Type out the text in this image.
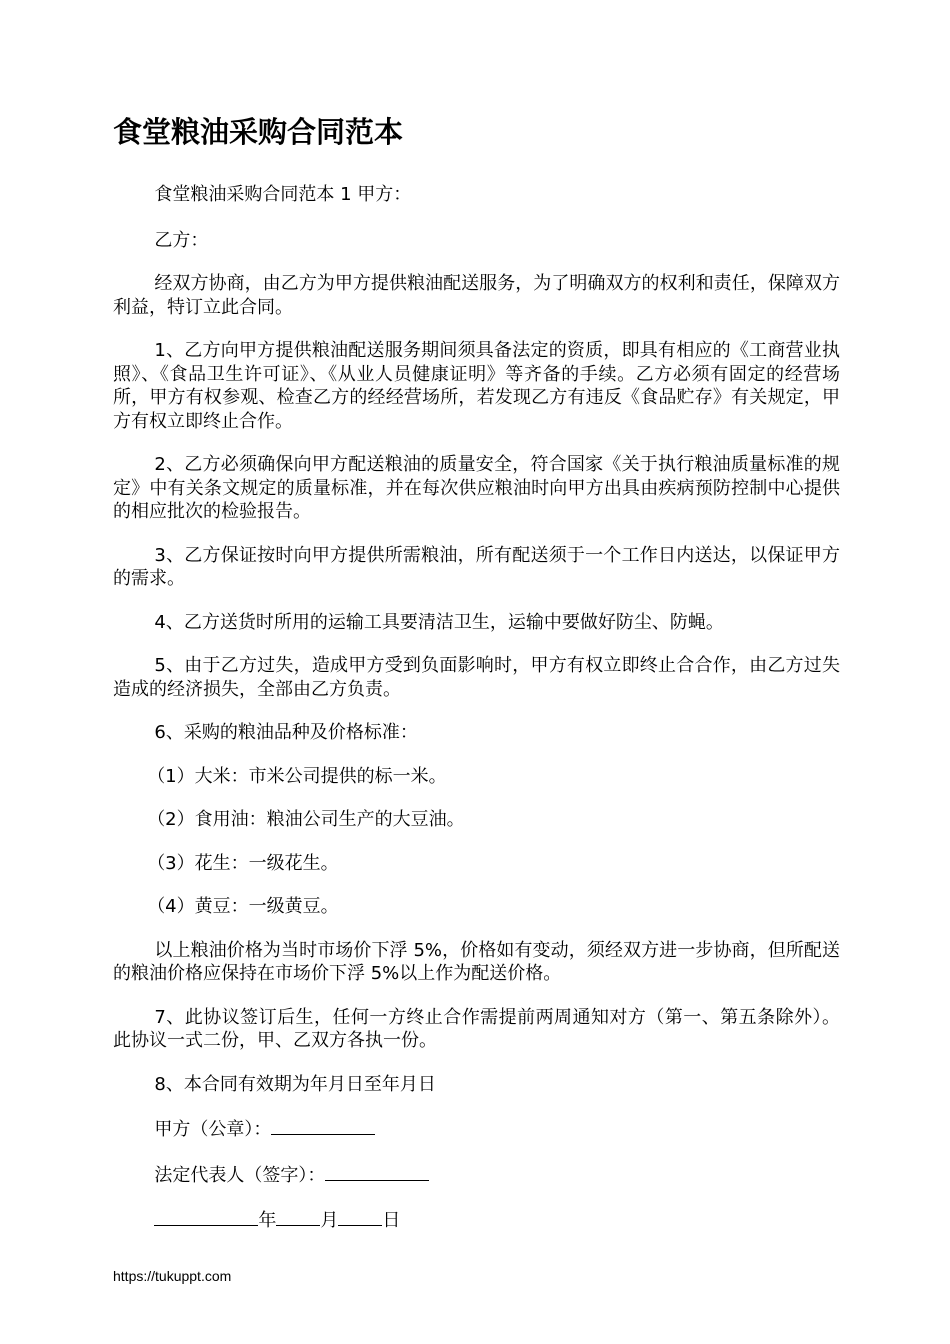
食堂粮油采购合同范本

食堂粮油采购合同范本 1 甲方：

乙方：

经双方协商，由乙方为甲方提供粮油配送服务，为了明确双方的权利和责任，保障双方利益，特订立此合同。

1、乙方向甲方提供粮油配送服务期间须具备法定的资质，即具有相应的《工商营业执照》、《食品卫生许可证》、《从业人员健康证明》等齐备的手续。乙方必须有固定的经营场所，甲方有权参观、检查乙方的经经营场所，若发现乙方有违反《食品贮存》有关规定，甲方有权立即终止合作。

2、乙方必须确保向甲方配送粮油的质量安全，符合国家《关于执行粮油质量标准的规定》中有关条文规定的质量标准，并在每次供应粮油时向甲方出具由疾病预防控制中心提供的相应批次的检验报告。

3、乙方保证按时向甲方提供所需粮油，所有配送须于一个工作日内送达，以保证甲方的需求。

4、乙方送货时所用的运输工具要清洁卫生，运输中要做好防尘、防蝇。

5、由于乙方过失，造成甲方受到负面影响时，甲方有权立即终止合合作，由乙方过失造成的经济损失，全部由乙方负责。

6、采购的粮油品种及价格标准：

（1）大米：市米公司提供的标一米。

（2）食用油：粮油公司生产的大豆油。

（3）花生：一级花生。

（4）黄豆：一级黄豆。

以上粮油价格为当时市场价下浮 5%，价格如有变动，须经双方进一步协商，但所配送的粮油价格应保持在市场价下浮 5%以上作为配送价格。

7、此协议签订后生，任何一方终止合作需提前两周通知对方（第一、第五条除外）。此协议一式二份，甲、乙双方各执一份。

8、本合同有效期为年月日至年月日

甲方（公章）：

法定代表人（签字）：

年 月 日

https://tukuppt.com
